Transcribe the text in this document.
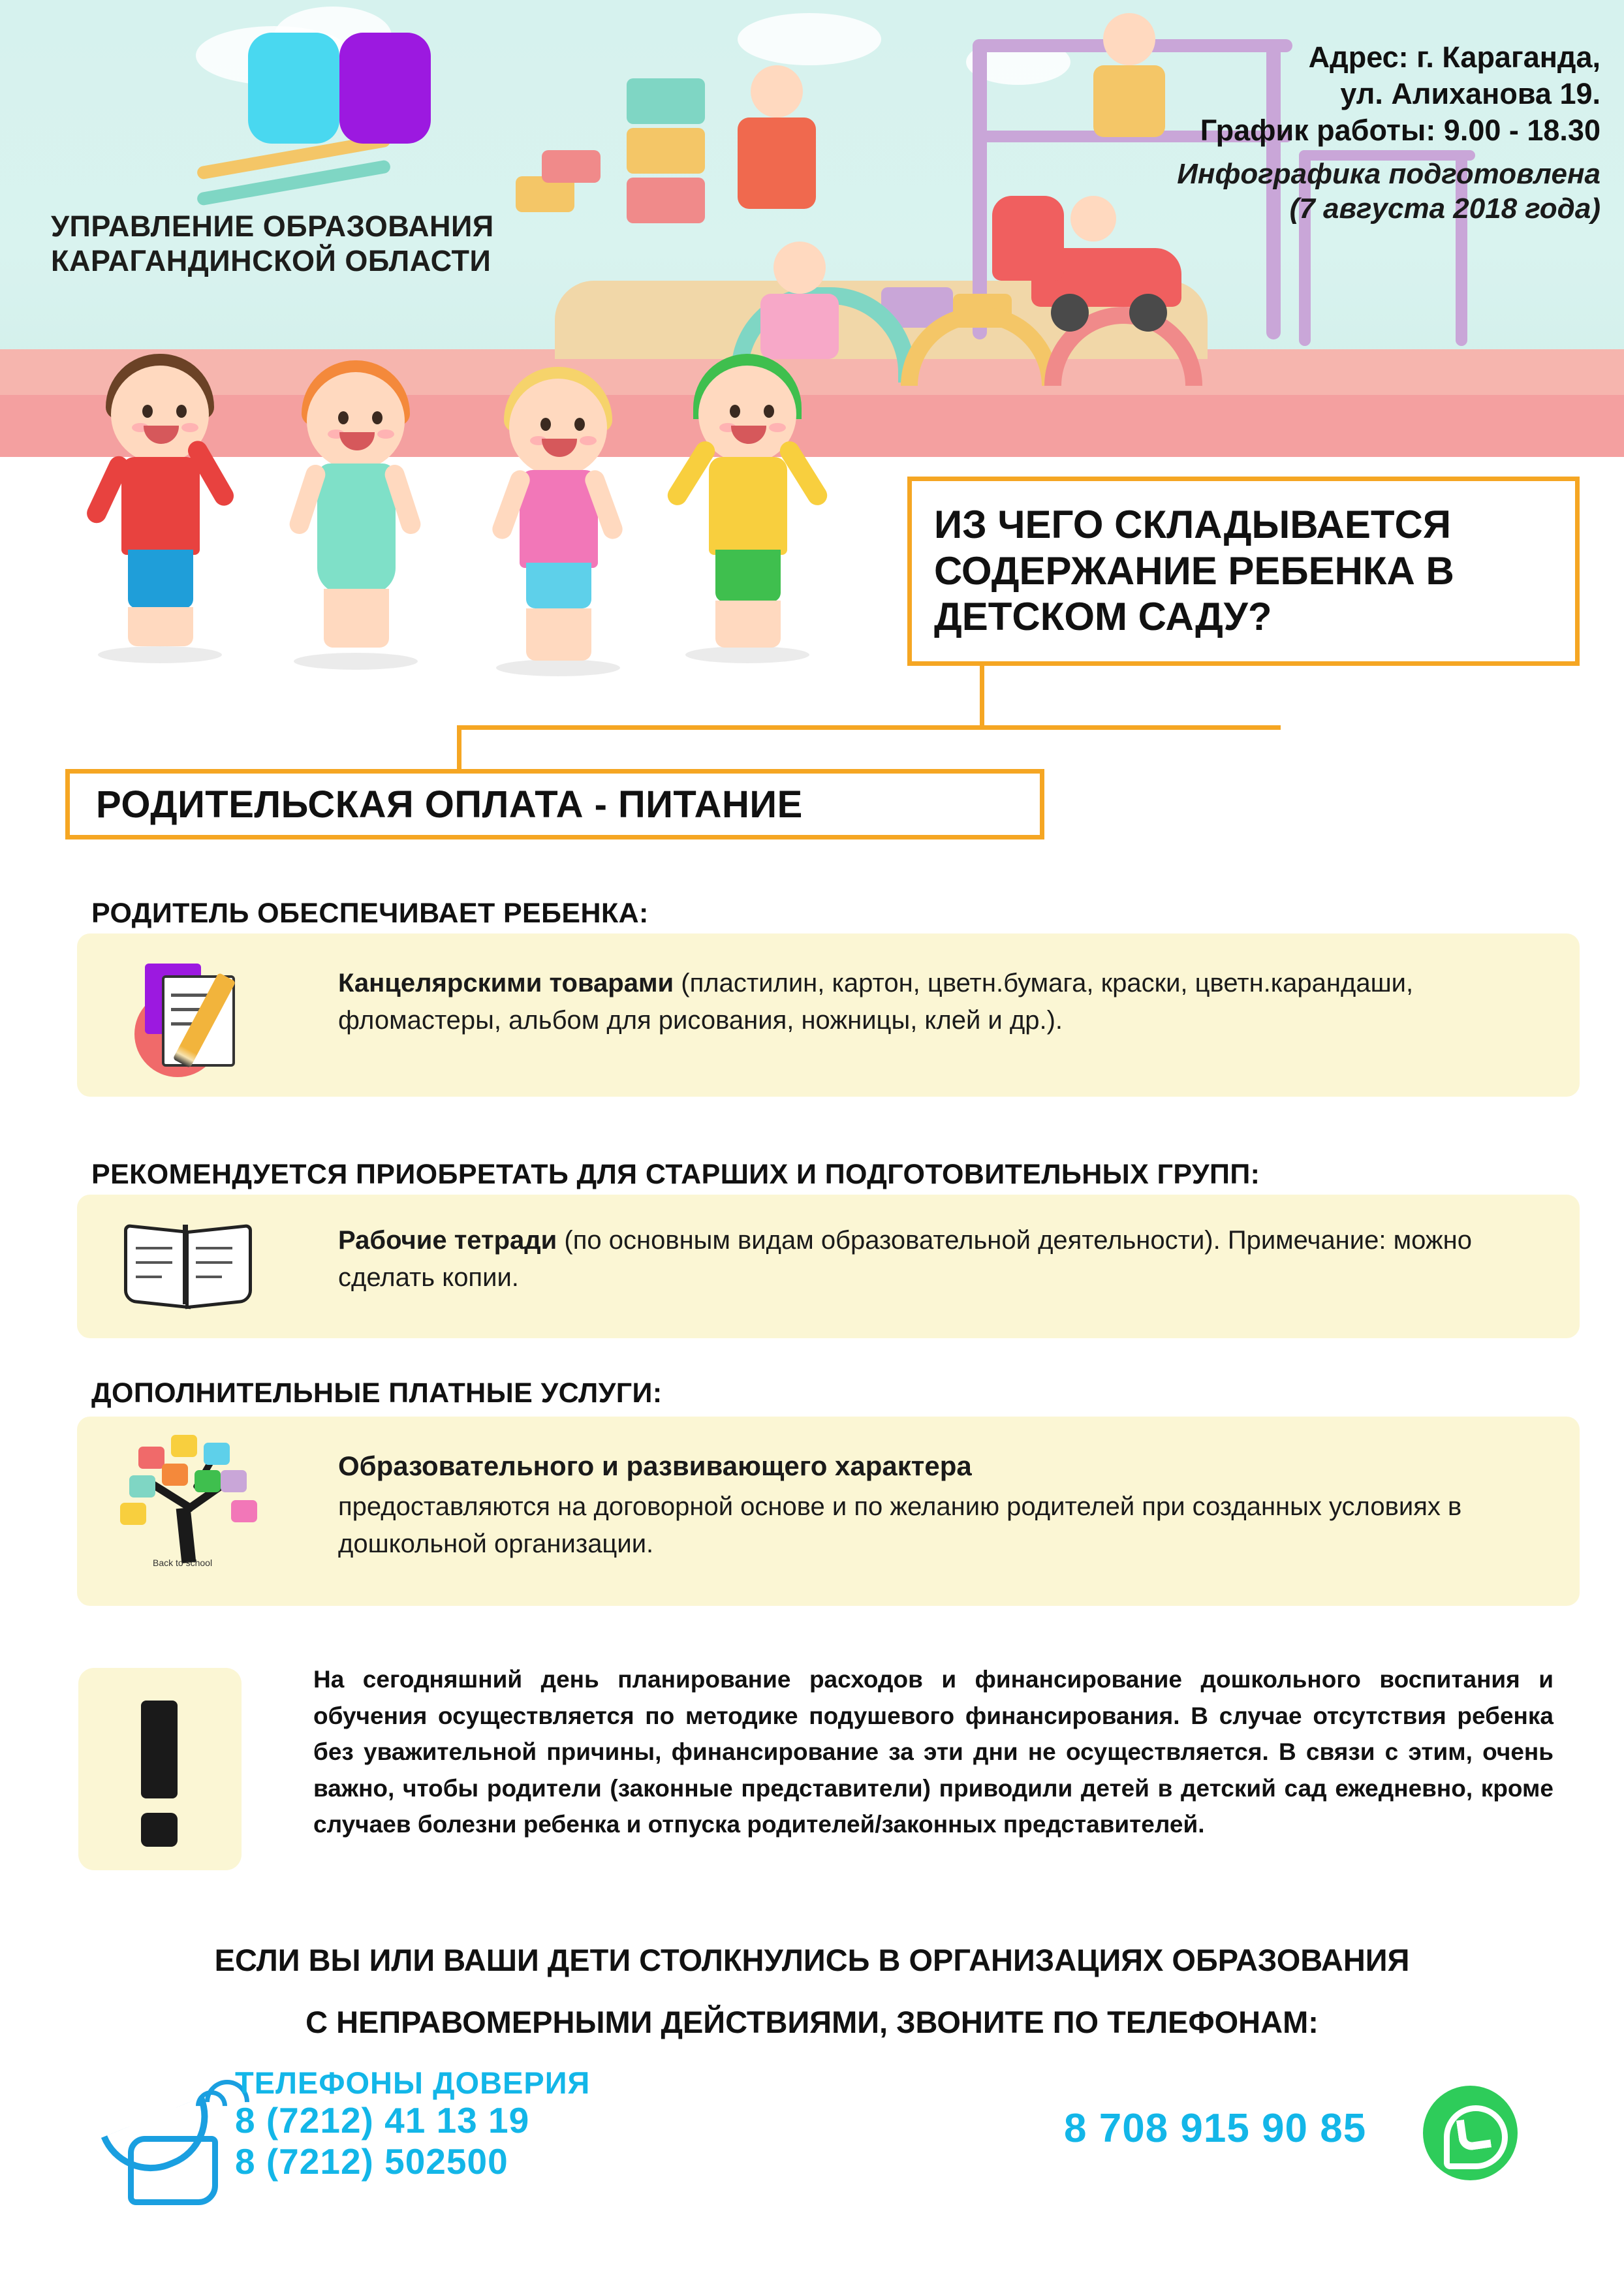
Адрес: г. Караганда,
ул. Алиханова 19.
График работы: 9.00 - 18.30
Инфографика подготовлена
(7 августа 2018 года)
УПРАВЛЕНИЕ ОБРАЗОВАНИЯ КАРАГАНДИНСКОЙ ОБЛАСТИ
ИЗ ЧЕГО СКЛАДЫВАЕТСЯ СОДЕРЖАНИЕ РЕБЕНКА В ДЕТСКОМ САДУ?
РОДИТЕЛЬСКАЯ ОПЛАТА - ПИТАНИЕ
РОДИТЕЛЬ ОБЕСПЕЧИВАЕТ РЕБЕНКА:
Канцелярскими товарами (пластилин, картон, цветн.бумага, краски, цветн.карандаши, фломастеры, альбом для рисования, ножницы, клей и др.).
РЕКОМЕНДУЕТСЯ ПРИОБРЕТАТЬ ДЛЯ СТАРШИХ И ПОДГОТОВИТЕЛЬНЫХ ГРУПП:
Рабочие тетради (по основным видам образовательной деятельности). Примечание: можно сделать копии.
ДОПОЛНИТЕЛЬНЫЕ ПЛАТНЫЕ УСЛУГИ:
Back to school
Образовательного и развивающего характера
предоставляются на договорной основе и по желанию родителей при созданных условиях в дошкольной организации.
На сегодняшний день планирование расходов и финансирование дошкольного воспитания и обучения осуществляется по методике подушевого финансирования. В случае отсутствия ребенка без уважительной причины, финансирование за эти дни не осуществляется. В связи с этим, очень важно, чтобы родители (законные представители) приводили детей в детский сад ежедневно, кроме случаев болезни ребенка и отпуска родителей/законных представителей.
ЕСЛИ ВЫ ИЛИ ВАШИ ДЕТИ СТОЛКНУЛИСЬ В ОРГАНИЗАЦИЯХ ОБРАЗОВАНИЯ
С НЕПРАВОМЕРНЫМИ ДЕЙСТВИЯМИ, ЗВОНИТЕ ПО ТЕЛЕФОНАМ:
ТЕЛЕФОНЫ ДОВЕРИЯ
8 (7212) 41 13 19
8 (7212) 502500
8 708 915 90 85
